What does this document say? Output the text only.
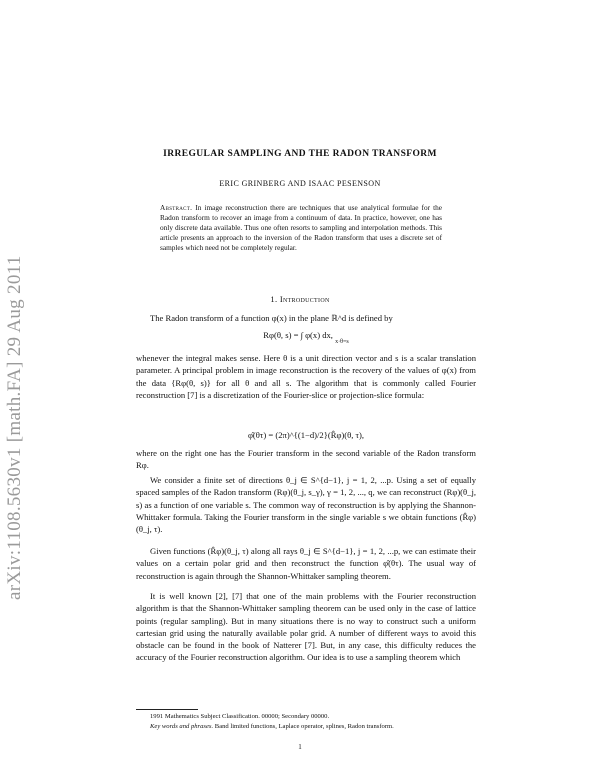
arXiv:1108.5630v1 [math.FA] 29 Aug 2011
IRREGULAR SAMPLING AND THE RADON TRANSFORM
ERIC GRINBERG AND ISAAC PESENSON
Abstract. In image reconstruction there are techniques that use analytical formulae for the Radon transform to recover an image from a continuum of data. In practice, however, one has only discrete data available. Thus one often resorts to sampling and interpolation methods. This article presents an approach to the inversion of the Radon transform that uses a discrete set of samples which need not be completely regular.
1. Introduction
The Radon transform of a function φ(x) in the plane ℝ^d is defined by
Rφ(θ, s) = ∫ φ(x) dx, $_{x\cdot\theta=s}$
whenever the integral makes sense. Here θ is a unit direction vector and s is a scalar translation parameter. A principal problem in image reconstruction is the recovery of the values of φ(x) from the data {Rφ(θ, s)} for all θ and all s. The algorithm that is commonly called Fourier reconstruction [7] is a discretization of the Fourier-slice or projection-slice formula:
φ̂(θτ) = (2π)^{(1−d)/2}(R̂φ)(θ, τ),
where on the right one has the Fourier transform in the second variable of the Radon transform Rφ.
We consider a finite set of directions θ_j ∈ S^{d−1}, j = 1, 2, ...p. Using a set of equally spaced samples of the Radon transform (Rφ)(θ_j, s_γ), γ = 1, 2, ..., q, we can reconstruct (Rφ)(θ_j, s) as a function of one variable s. The common way of reconstruction is by applying the Shannon-Whittaker formula. Taking the Fourier transform in the single variable s we obtain functions (R̂φ)(θ_j, τ).
Given functions (R̂φ)(θ_j, τ) along all rays θ_j ∈ S^{d−1}, j = 1, 2, ...p, we can estimate their values on a certain polar grid and then reconstruct the function φ̂(θτ). The usual way of reconstruction is again through the Shannon-Whittaker sampling theorem.
It is well known [2], [7] that one of the main problems with the Fourier reconstruction algorithm is that the Shannon-Whittaker sampling theorem can be used only in the case of lattice points (regular sampling). But in many situations there is no way to construct such a uniform cartesian grid using the naturally available polar grid. A number of different ways to avoid this obstacle can be found in the book of Natterer [7]. But, in any case, this difficulty reduces the accuracy of the Fourier reconstruction algorithm. Our idea is to use a sampling theorem which
1991 Mathematics Subject Classification. 00000; Secondary 00000.
Key words and phrases. Band limited functions, Laplace operator, splines, Radon transform.
1
